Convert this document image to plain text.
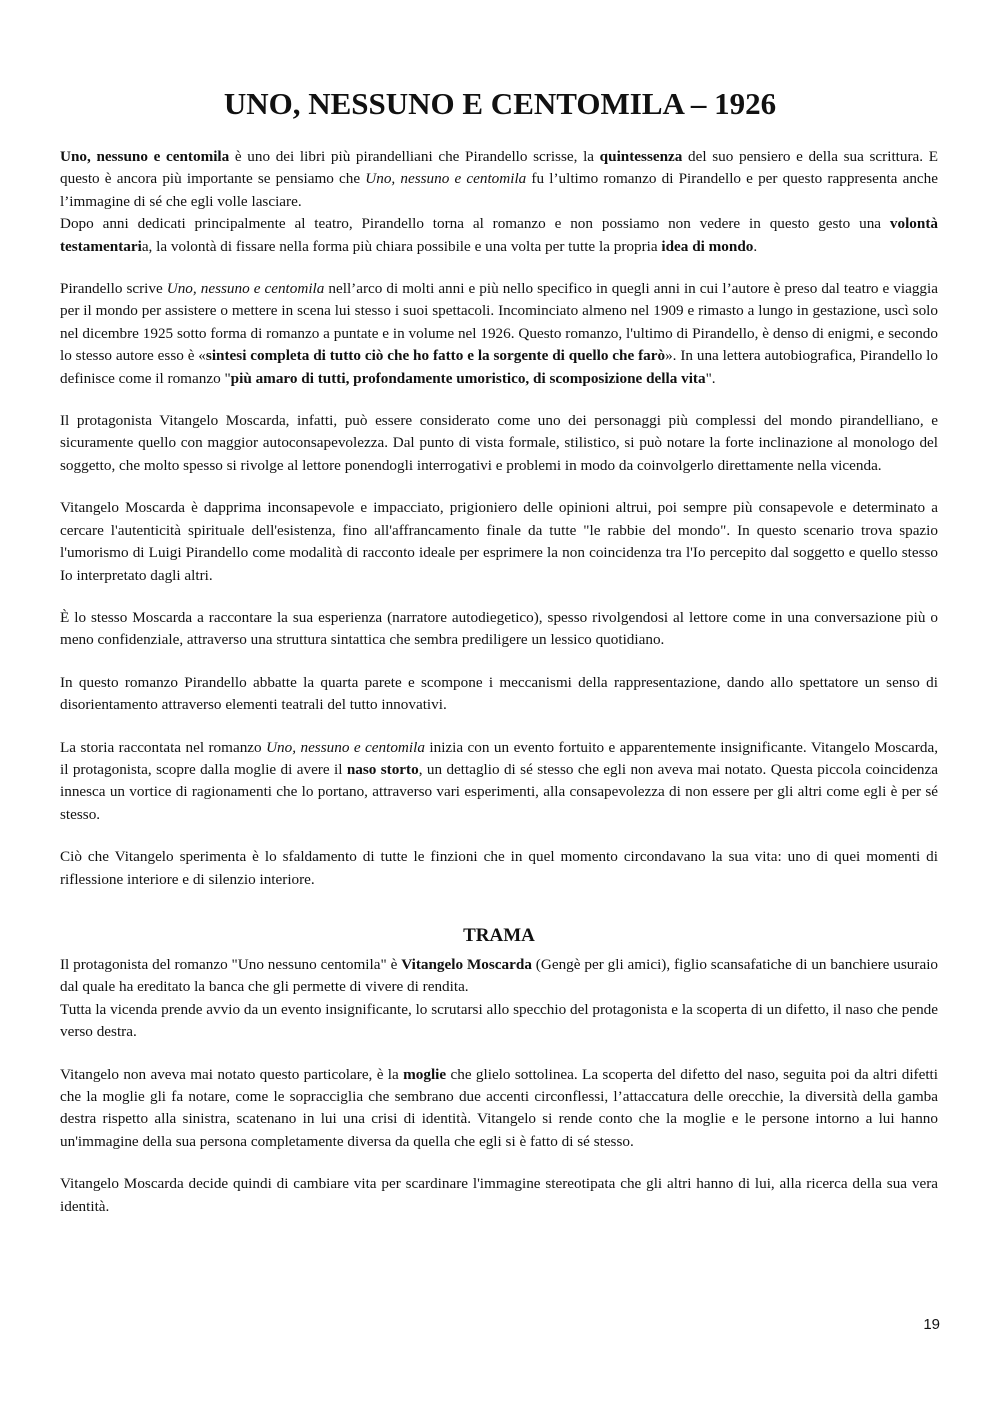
UNO, NESSUNO E CENTOMILA – 1926

Uno, nessuno e centomila è uno dei libri più pirandelliani che Pirandello scrisse, la quintessenza del suo pensiero e della sua scrittura. E questo è ancora più importante se pensiamo che Uno, nessuno e centomila fu l’ultimo romanzo di Pirandello e per questo rappresenta anche l’immagine di sé che egli volle lasciare.

Dopo anni dedicati principalmente al teatro, Pirandello torna al romanzo e non possiamo non vedere in questo gesto una volontà testamentaria, la volontà di fissare nella forma più chiara possibile e una volta per tutte la propria idea di mondo.

Pirandello scrive Uno, nessuno e centomila nell’arco di molti anni e più nello specifico in quegli anni in cui l’autore è preso dal teatro e viaggia per il mondo per assistere o mettere in scena lui stesso i suoi spettacoli. Incominciato almeno nel 1909 e rimasto a lungo in gestazione, uscì solo nel dicembre 1925 sotto forma di romanzo a puntate e in volume nel 1926. Questo romanzo, l'ultimo di Pirandello, è denso di enigmi, e secondo lo stesso autore esso è «sintesi completa di tutto ciò che ho fatto e la sorgente di quello che farò». In una lettera autobiografica, Pirandello lo definisce come il romanzo "più amaro di tutti, profondamente umoristico, di scomposizione della vita".

Il protagonista Vitangelo Moscarda, infatti, può essere considerato come uno dei personaggi più complessi del mondo pirandelliano, e sicuramente quello con maggior autoconsapevolezza. Dal punto di vista formale, stilistico, si può notare la forte inclinazione al monologo del soggetto, che molto spesso si rivolge al lettore ponendogli interrogativi e problemi in modo da coinvolgerlo direttamente nella vicenda.

Vitangelo Moscarda è dapprima inconsapevole e impacciato, prigioniero delle opinioni altrui, poi sempre più consapevole e determinato a cercare l'autenticità spirituale dell'esistenza, fino all'affrancamento finale da tutte "le rabbie del mondo". In questo scenario trova spazio l'umorismo di Luigi Pirandello come modalità di racconto ideale per esprimere la non coincidenza tra l'Io percepito dal soggetto e quello stesso Io interpretato dagli altri.

È lo stesso Moscarda a raccontare la sua esperienza (narratore autodiegetico), spesso rivolgendosi al lettore come in una conversazione più o meno confidenziale, attraverso una struttura sintattica che sembra prediligere un lessico quotidiano.

In questo romanzo Pirandello abbatte la quarta parete e scompone i meccanismi della rappresentazione, dando allo spettatore un senso di disorientamento attraverso elementi teatrali del tutto innovativi.

La storia raccontata nel romanzo Uno, nessuno e centomila inizia con un evento fortuito e apparentemente insignificante. Vitangelo Moscarda, il protagonista, scopre dalla moglie di avere il naso storto, un dettaglio di sé stesso che egli non aveva mai notato. Questa piccola coincidenza innesca un vortice di ragionamenti che lo portano, attraverso vari esperimenti, alla consapevolezza di non essere per gli altri come egli è per sé stesso.

Ciò che Vitangelo sperimenta è lo sfaldamento di tutte le finzioni che in quel momento circondavano la sua vita: uno di quei momenti di riflessione interiore e di silenzio interiore.

TRAMA

Il protagonista del romanzo "Uno nessuno centomila" è Vitangelo Moscarda (Gengè per gli amici), figlio scansafatiche di un banchiere usuraio dal quale ha ereditato la banca che gli permette di vivere di rendita.

Tutta la vicenda prende avvio da un evento insignificante, lo scrutarsi allo specchio del protagonista e la scoperta di un difetto, il naso che pende verso destra.

Vitangelo non aveva mai notato questo particolare, è la moglie che glielo sottolinea. La scoperta del difetto del naso, seguita poi da altri difetti che la moglie gli fa notare, come le sopracciglia che sembrano due accenti circonflessi, l’attaccatura delle orecchie, la diversità della gamba destra rispetto alla sinistra, scatenano in lui una crisi di identità. Vitangelo si rende conto che la moglie e le persone intorno a lui hanno un'immagine della sua persona completamente diversa da quella che egli si è fatto di sé stesso.

Vitangelo Moscarda decide quindi di cambiare vita per scardinare l'immagine stereotipata che gli altri hanno di lui, alla ricerca della sua vera identità.

19
